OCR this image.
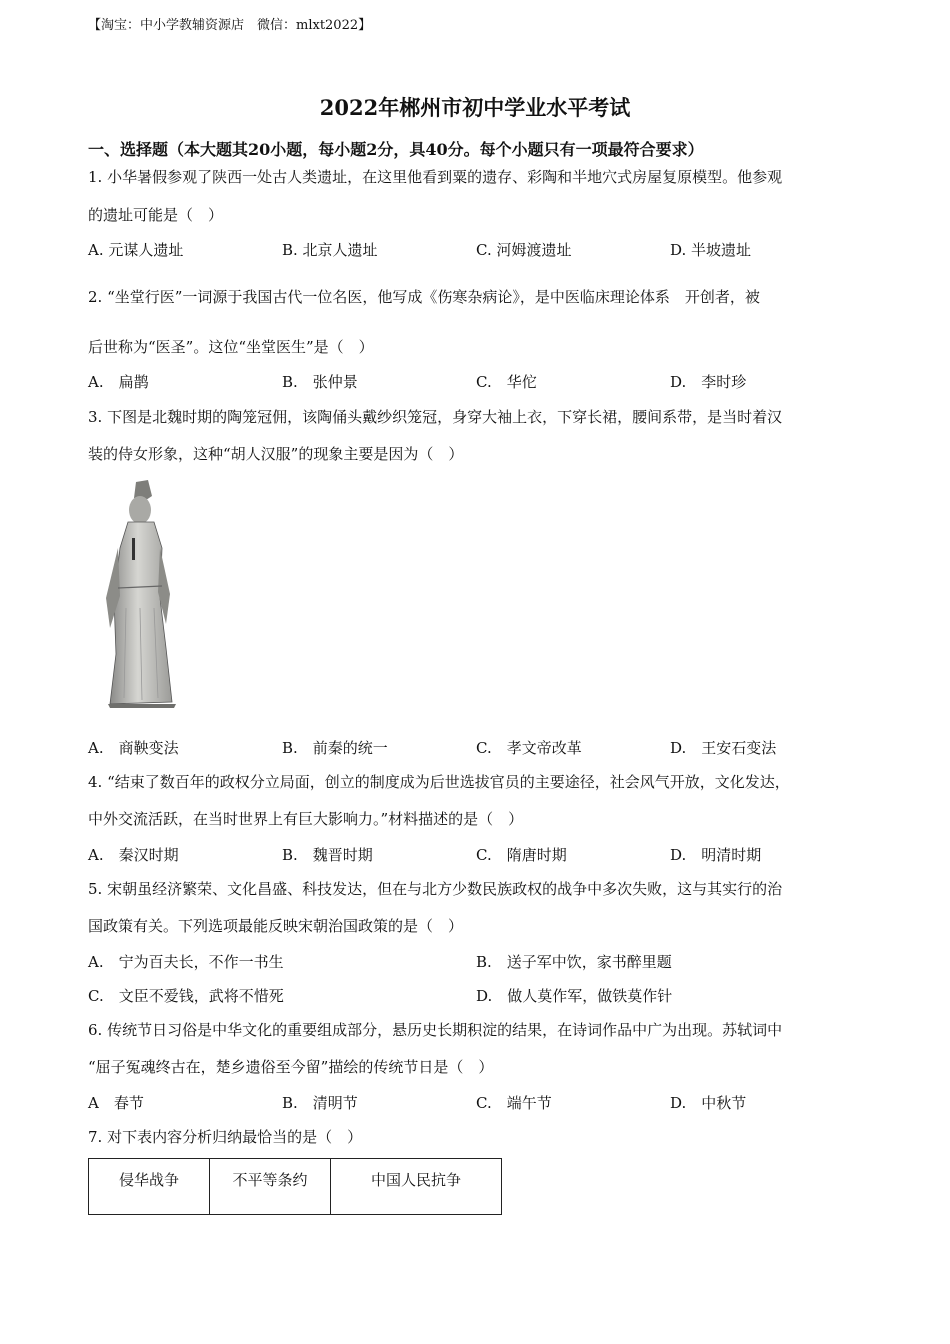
【淘宝：中小学教辅资源店　微信：mlxt2022】
2022年郴州市初中学业水平考试
一、选择题（本大题其20小题，每小题2分，具40分。每个小题只有一项最符合要求）
1. 小华暑假参观了陕西一处古人类遗址，在这里他看到粟的遗存、彩陶和半地穴式房屋复原模型。他参观
的遗址可能是（　）
A. 元谋人遗址	B. 北京人遗址	C. 河姆渡遗址	D. 半坡遗址
2. “坐堂行医”一词源于我国古代一位名医，他写成《伤寒杂病论》，是中医临床理论体系　开创者，被
后世称为“医圣”。这位“坐堂医生”是（　）
A.　扁鹊	B.　张仲景	C.　华佗	D.　李时珍
3. 下图是北魏时期的陶笼冠佣，该陶俑头戴纱织笼冠，身穿大袖上衣，下穿长裙，腰间系带，是当时着汉
装的侍女形象，这种“胡人汉服”的现象主要是因为（　）
A.　商鞅变法	B.　前秦的统一	C.　孝文帝改革	D.　王安石变法
4. “结束了数百年的政权分立局面，创立的制度成为后世选拔官员的主要途径，社会风气开放，文化发达，
中外交流活跃，在当时世界上有巨大影响力。”材料描述的是（　）
A.　秦汉时期	B.　魏晋时期	C.　隋唐时期	D.　明清时期
5. 宋朝虽经济繁荣、文化昌盛、科技发达，但在与北方少数民族政权的战争中多次失败，这与其实行的治
国政策有关。下列选项最能反映宋朝治国政策的是（　）
A.　宁为百夫长，不作一书生	B.　送子军中饮，家书醉里题
C.　文臣不爱钱，武将不惜死	D.　做人莫作军，做铁莫作针
6. 传统节日习俗是中华文化的重要组成部分，悬历史长期积淀的结果，在诗词作品中广为出现。苏轼词中
“屈子冤魂终古在，楚乡遗俗至今留”描绘的传统节日是（　）
A　春节	B.　清明节	C.　端午节	D.　中秋节
7. 对下表内容分析归纳最恰当的是（　）
侵华战争	不平等条约	中国人民抗争
